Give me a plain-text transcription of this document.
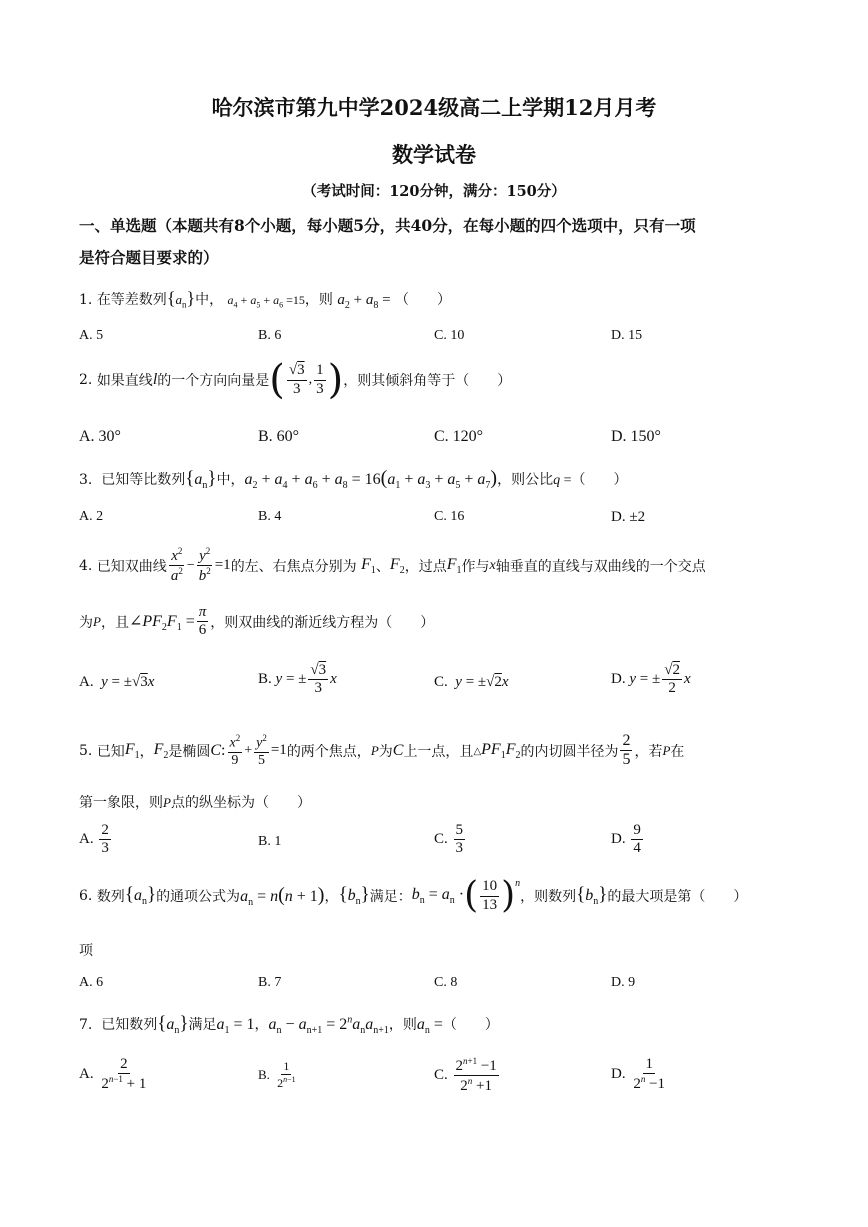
哈尔滨市第九中学2024级高二上学期12月月考
数学试卷
（考试时间：120分钟，满分：150分）
一、单选题（本题共有8个小题，每小题5分，共40分，在每小题的四个选项中，只有一项
是符合题目要求的）
1. 在等差数列$\{a_n\}$中， $a_4 + a_5 + a_6 =15$，则 $a_2 + a_8$ = （　　）
A. 5	B. 6	C. 10	D. 15
2.
如果直线 l 的一个方向向量是 ( $\frac{√3}{3}$ , $\frac{1}{3}$ ) ，则其倾斜角等于（　　）
A. 30°	B. 60°	C. 120°	D. 150°
3. 已知等比数列$\{a_n\}$中，$a_2 + a_4 + a_6 + a_8 = 16(a_1 + a_3 + a_5 + a_7)$，则公比q =（　　）
A. 2	B. 4	C. 16	D. ±2
4.
已知双曲线 $\frac{x^2}{a^2} - \frac{y^2}{b^2} =1$ 的左、右焦点分别为
$F_1$ 、 $F_2$ ，过点 $F_1$ 作与 x 轴垂直的直线与双曲线的一个交点
为 P ，且 $\angle PF_2F_1 = \frac{\pi}{6}$ ，则双曲线的渐近线方程为（　　）
A. y = ±√3x	B.
y = ± $\frac{√3}{3}$ x	C. y = ±√2x	D.
y = ± $\frac{√2}{2}$ x
5.
已知 $F_1$ ， $F_2$ 是椭圆 C: $\frac{x^2}{9} + \frac{y^2}{5} =1$ 的两个焦点， P 为 C 上一点，且 $\triangle PF_1F_2$ 的内切圆半径为 $\frac{2}{5}$ ，若 P 在
第一象限，则P点的纵坐标为（　　）
A.
$\frac{2}{3}$	B. 1	C.
$\frac{5}{3}$	D.
$\frac{9}{4}$
6.
数列 $\{a_n\}$ 的通项公式为 $a_n = n(n + 1)$ ， $\{b_n\}$ 满足： $b_n = a_n$ · ( $\frac{10}{13}$ ) $^n$
，则数列 $\{b_n\}$ 的最大项是第（　　）
项
A. 6	B. 7	C. 8	D. 9
7. 已知数列$\{a_n\}$满足$a_1 = 1$，$a_n - a_{n+1} = 2^na_na_{n+1}$，则$a_n$ =（　　）
A.
$\frac{2}{2^{n-1} + 1}$	B.
$\frac{1}{2^{n-1}}$	C.
$\frac{2^{n+1} -1}{2^n +1}$	D.
$\frac{1}{2^n -1}$
